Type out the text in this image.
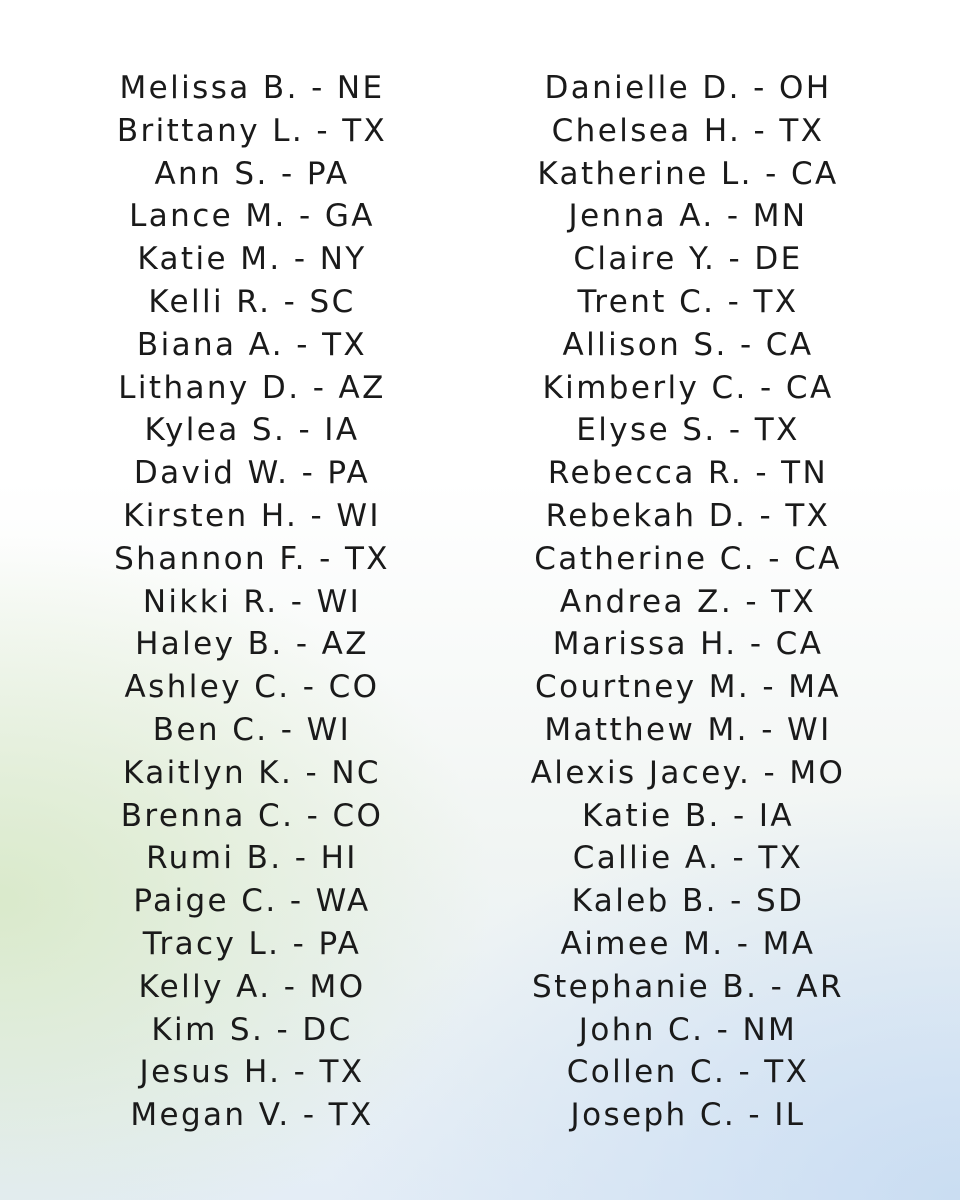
Melissa B. - NE
Brittany L. - TX
Ann S. - PA
Lance M. - GA
Katie M. - NY
Kelli R. - SC
Biana A. - TX
Lithany D. - AZ
Kylea S. - IA
David W. - PA
Kirsten H. - WI
Shannon F. - TX
Nikki R. - WI
Haley B. - AZ
Ashley C. - CO
Ben C. - WI
Kaitlyn K. - NC
Brenna C. - CO
Rumi B. - HI
Paige C. - WA
Tracy L. - PA
Kelly A. - MO
Kim S. - DC
Jesus H. - TX
Megan V. - TX
Danielle D. - OH
Chelsea H. - TX
Katherine L. - CA
Jenna A. - MN
Claire Y. - DE
Trent C. - TX
Allison S. - CA
Kimberly C. - CA
Elyse S. - TX
Rebecca R. - TN
Rebekah D. - TX
Catherine C. - CA
Andrea Z. - TX
Marissa H. - CA
Courtney M. - MA
Matthew M. - WI
Alexis Jacey. - MO
Katie B. - IA
Callie A. - TX
Kaleb B. - SD
Aimee M. - MA
Stephanie B. - AR
John C. - NM
Collen C. - TX
Joseph C. - IL
